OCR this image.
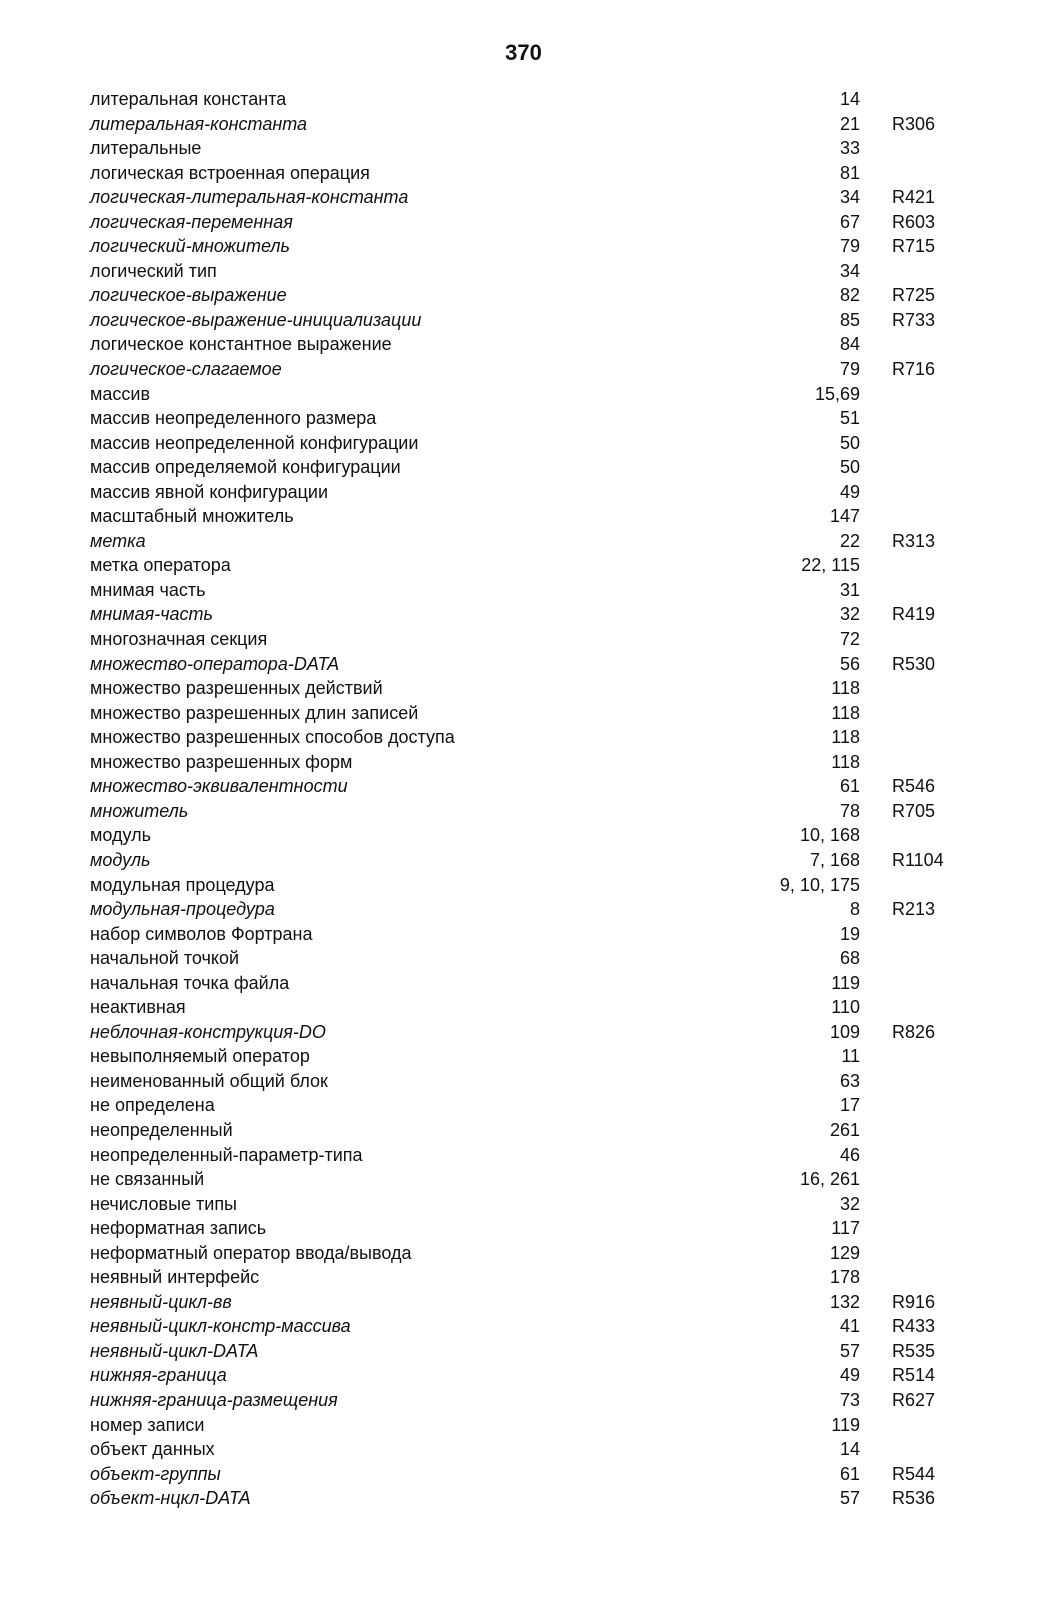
370
литеральная константа	14
литеральная-константа	21 R306
литеральные	33
логическая встроенная операция	81
логическая-литеральная-константа	34 R421
логическая-переменная	67 R603
логический-множитель	79 R715
логический тип	34
логическое-выражение	82 R725
логическое-выражение-инициализации	85 R733
логическое константное выражение	84
логическое-слагаемое	79 R716
массив	15,69
массив неопределенного размера	51
массив неопределенной конфигурации	50
массив определяемой конфигурации	50
массив явной конфигурации	49
масштабный множитель	147
метка	22 R313
метка оператора	22, 115
мнимая часть	31
мнимая-часть	32 R419
многозначная секция	72
множество-оператора-DATA	56 R530
множество разрешенных действий	118
множество разрешенных длин записей	118
множество разрешенных способов доступа	118
множество разрешенных форм	118
множество-эквивалентности	61 R546
множитель	78 R705
модуль	10, 168
модуль	7, 168 R1104
модульная процедура	9, 10, 175
модульная-процедура	8 R213
набор символов Фортрана	19
начальной точкой	68
начальная точка файла	119
неактивная	110
неблочная-конструкция-DO	109 R826
невыполняемый оператор	11
неименованный общий блок	63
не определена	17
неопределенный	261
неопределенный-параметр-типа	46
не связанный	16, 261
нечисловые типы	32
неформатная запись	117
неформатный оператор ввода/вывода	129
неявный интерфейс	178
неявный-цикл-вв	132 R916
неявный-цикл-констр-массива	41 R433
неявный-цикл-DATA	57 R535
нижняя-граница	49 R514
нижняя-граница-размещения	73 R627
номер записи	119
объект данных	14
объект-группы	61 R544
объект-нцкл-DATA	57 R536
